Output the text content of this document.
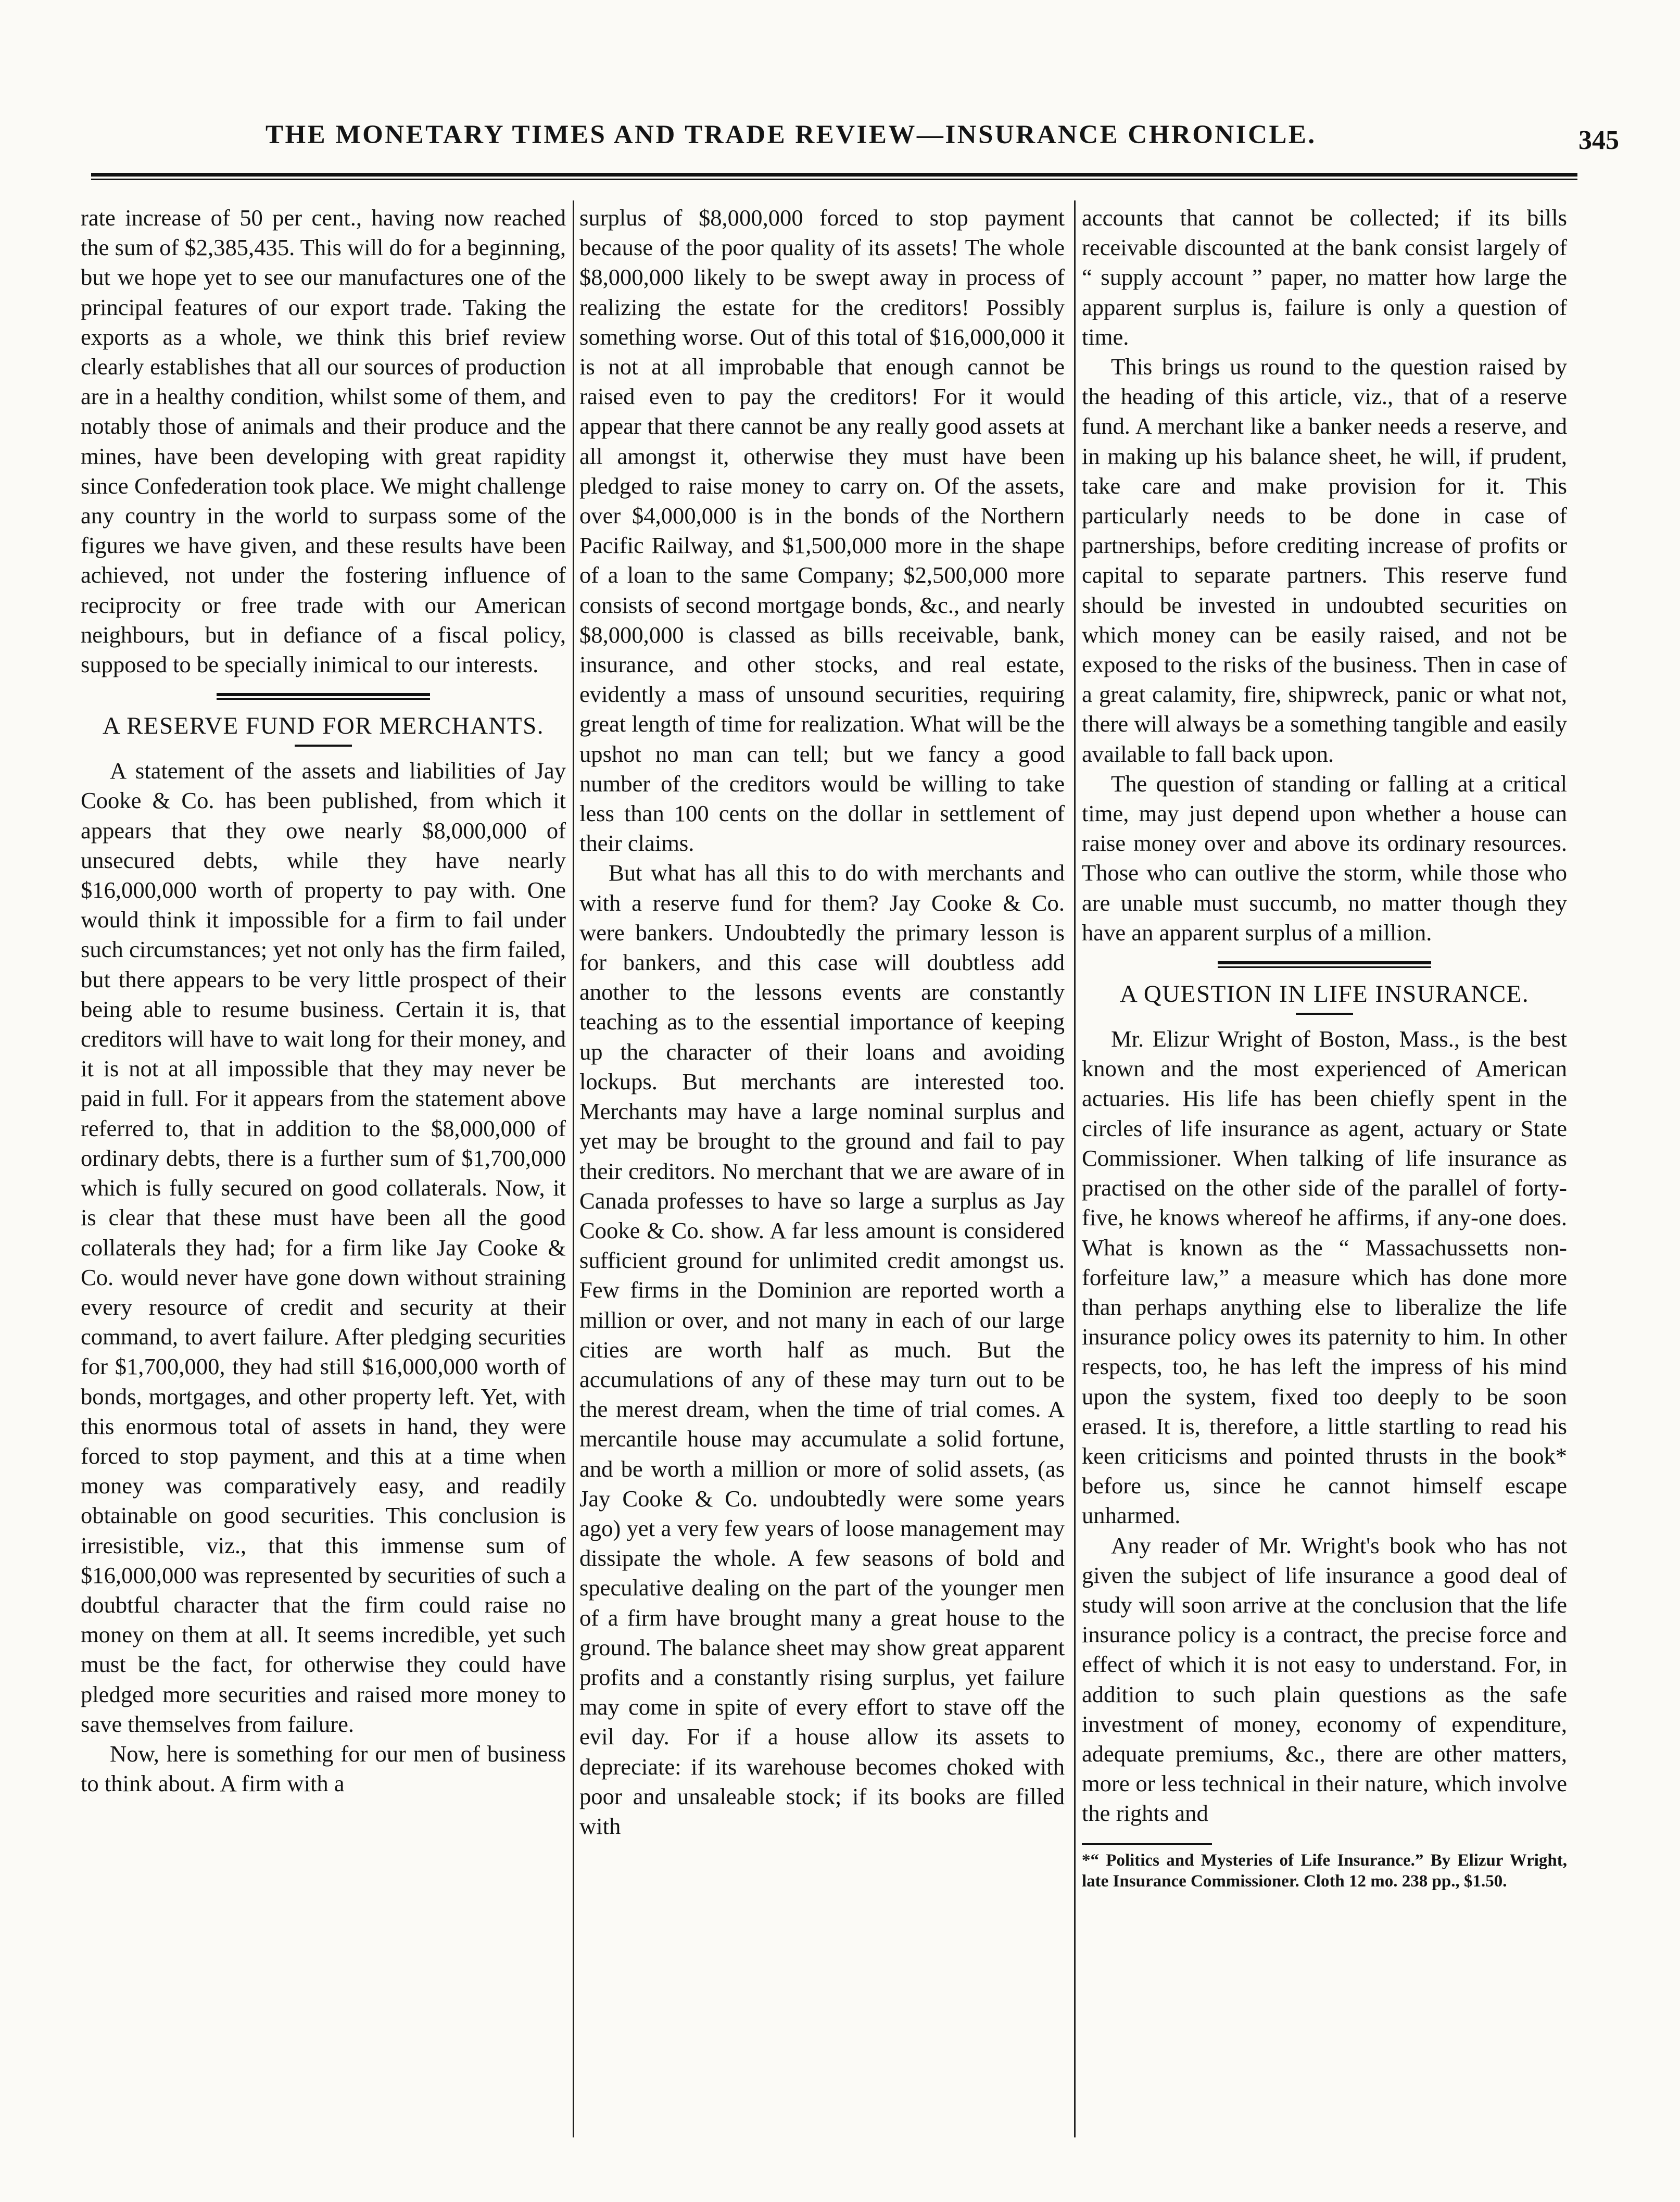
THE MONETARY TIMES AND TRADE REVIEW—INSURANCE CHRONICLE.	345

rate increase of 50 per cent., having now reached the sum of $2,385,435. This will do for a beginning, but we hope yet to see our manufactures one of the principal features of our export trade. Taking the exports as a whole, we think this brief review clearly establishes that all our sources of production are in a healthy condition, whilst some of them, and notably those of animals and their produce and the mines, have been developing with great rapidity since Confederation took place. We might challenge any country in the world to surpass some of the figures we have given, and these results have been achieved, not under the fostering influence of reciprocity or free trade with our American neighbours, but in defiance of a fiscal policy, supposed to be specially inimical to our interests.

A RESERVE FUND FOR MERCHANTS.

A statement of the assets and liabilities of Jay Cooke & Co. has been published, from which it appears that they owe nearly $8,000,000 of unsecured debts, while they have nearly $16,000,000 worth of property to pay with. One would think it impossible for a firm to fail under such circumstances; yet not only has the firm failed, but there appears to be very little prospect of their being able to resume business. Certain it is, that creditors will have to wait long for their money, and it is not at all impossible that they may never be paid in full. For it appears from the statement above referred to, that in addition to the $8,000,000 of ordinary debts, there is a further sum of $1,700,000 which is fully secured on good collaterals. Now, it is clear that these must have been all the good collaterals they had; for a firm like Jay Cooke & Co. would never have gone down without straining every resource of credit and security at their command, to avert failure. After pledging securities for $1,700,000, they had still $16,000,000 worth of bonds, mortgages, and other property left. Yet, with this enormous total of assets in hand, they were forced to stop payment, and this at a time when money was comparatively easy, and readily obtainable on good securities. This conclusion is irresistible, viz., that this immense sum of $16,000,000 was represented by securities of such a doubtful character that the firm could raise no money on them at all. It seems incredible, yet such must be the fact, for otherwise they could have pledged more securities and raised more money to save themselves from failure.

Now, here is something for our men of business to think about. A firm with a

surplus of $8,000,000 forced to stop payment because of the poor quality of its assets! The whole $8,000,000 likely to be swept away in process of realizing the estate for the creditors! Possibly something worse. Out of this total of $16,000,000 it is not at all improbable that enough cannot be raised even to pay the creditors! For it would appear that there cannot be any really good assets at all amongst it, otherwise they must have been pledged to raise money to carry on. Of the assets, over $4,000,000 is in the bonds of the Northern Pacific Railway, and $1,500,000 more in the shape of a loan to the same Company; $2,500,000 more consists of second mortgage bonds, &c., and nearly $8,000,000 is classed as bills receivable, bank, insurance, and other stocks, and real estate, evidently a mass of unsound securities, requiring great length of time for realization. What will be the upshot no man can tell; but we fancy a good number of the creditors would be willing to take less than 100 cents on the dollar in settlement of their claims.

But what has all this to do with merchants and with a reserve fund for them? Jay Cooke & Co. were bankers. Undoubtedly the primary lesson is for bankers, and this case will doubtless add another to the lessons events are constantly teaching as to the essential importance of keeping up the character of their loans and avoiding lockups. But merchants are interested too. Merchants may have a large nominal surplus and yet may be brought to the ground and fail to pay their creditors. No merchant that we are aware of in Canada professes to have so large a surplus as Jay Cooke & Co. show. A far less amount is considered sufficient ground for unlimited credit amongst us. Few firms in the Dominion are reported worth a million or over, and not many in each of our large cities are worth half as much. But the accumulations of any of these may turn out to be the merest dream, when the time of trial comes. A mercantile house may accumulate a solid fortune, and be worth a million or more of solid assets, (as Jay Cooke & Co. undoubtedly were some years ago) yet a very few years of loose management may dissipate the whole. A few seasons of bold and speculative dealing on the part of the younger men of a firm have brought many a great house to the ground. The balance sheet may show great apparent profits and a constantly rising surplus, yet failure may come in spite of every effort to stave off the evil day. For if a house allow its assets to depreciate: if its warehouse becomes choked with poor and unsaleable stock; if its books are filled with

accounts that cannot be collected; if its bills receivable discounted at the bank consist largely of “ supply account ” paper, no matter how large the apparent surplus is, failure is only a question of time.

This brings us round to the question raised by the heading of this article, viz., that of a reserve fund. A merchant like a banker needs a reserve, and in making up his balance sheet, he will, if prudent, take care and make provision for it. This particularly needs to be done in case of partnerships, before crediting increase of profits or capital to separate partners. This reserve fund should be invested in undoubted securities on which money can be easily raised, and not be exposed to the risks of the business. Then in case of a great calamity, fire, shipwreck, panic or what not, there will always be a something tangible and easily available to fall back upon.

The question of standing or falling at a critical time, may just depend upon whether a house can raise money over and above its ordinary resources. Those who can outlive the storm, while those who are unable must succumb, no matter though they have an apparent surplus of a million.

A QUESTION IN LIFE INSURANCE.

Mr. Elizur Wright of Boston, Mass., is the best known and the most experienced of American actuaries. His life has been chiefly spent in the circles of life insurance as agent, actuary or State Commissioner. When talking of life insurance as practised on the other side of the parallel of forty-five, he knows whereof he affirms, if any-one does. What is known as the “ Massachussetts non-forfeiture law,” a measure which has done more than perhaps anything else to liberalize the life insurance policy owes its paternity to him. In other respects, too, he has left the impress of his mind upon the system, fixed too deeply to be soon erased. It is, therefore, a little startling to read his keen criticisms and pointed thrusts in the book* before us, since he cannot himself escape unharmed.

Any reader of Mr. Wright's book who has not given the subject of life insurance a good deal of study will soon arrive at the conclusion that the life insurance policy is a contract, the precise force and effect of which it is not easy to understand. For, in addition to such plain questions as the safe investment of money, economy of expenditure, adequate premiums, &c., there are other matters, more or less technical in their nature, which involve the rights and

*“ Politics and Mysteries of Life Insurance.” By Elizur Wright, late Insurance Commissioner. Cloth 12 mo. 238 pp., $1.50.
